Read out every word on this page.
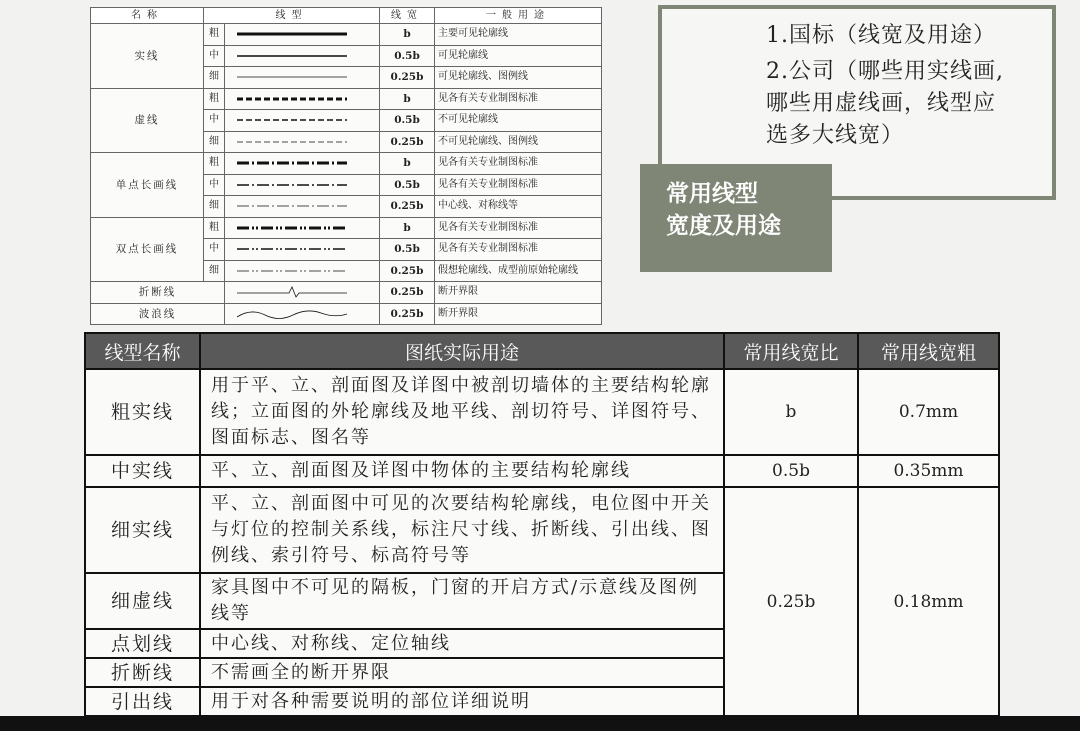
名称	线型		线宽	一般用途
实线	粗		b	主要可见轮廓线
	中		0.5b	可见轮廓线
	细		0.25b	可见轮廓线、图例线
虚线	粗		b	见各有关专业制图标准
	中		0.5b	不可见轮廓线
	细		0.25b	不可见轮廓线、图例线
单点长画线	粗		b	见各有关专业制图标准
	中		0.5b	见各有关专业制图标准
	细		0.25b	中心线、对称线等
双点长画线	粗		b	见各有关专业制图标准
	中		0.5b	见各有关专业制图标准
	细		0.25b	假想轮廓线、成型前原始轮廓线
折断线			0.25b	断开界限
波浪线			0.25b	断开界限
1.国标（线宽及用途）
2.公司（哪些用实线画,
哪些用虚线画，线型应
选多大线宽）
常用线型
宽度及用途
线型名称	图纸实际用途	常用线宽比	常用线宽粗
粗实线	用于平、立、剖面图及详图中被剖切墙体的主要结构轮廓线；立面图的外轮廓线及地平线、剖切符号、详图符号、图面标志、图名等	b	0.7mm
中实线	平、立、剖面图及详图中物体的主要结构轮廓线	0.5b	0.35mm
细实线	平、立、剖面图中可见的次要结构轮廓线，电位图中开关与灯位的控制关系线，标注尺寸线、折断线、引出线、图例线、索引符号、标高符号等	0.25b	0.18mm
细虚线	家具图中不可见的隔板，门窗的开启方式/示意线及图例线等		
点划线	中心线、对称线、定位轴线		
折断线	不需画全的断开界限		
引出线	用于对各种需要说明的部位详细说明		
